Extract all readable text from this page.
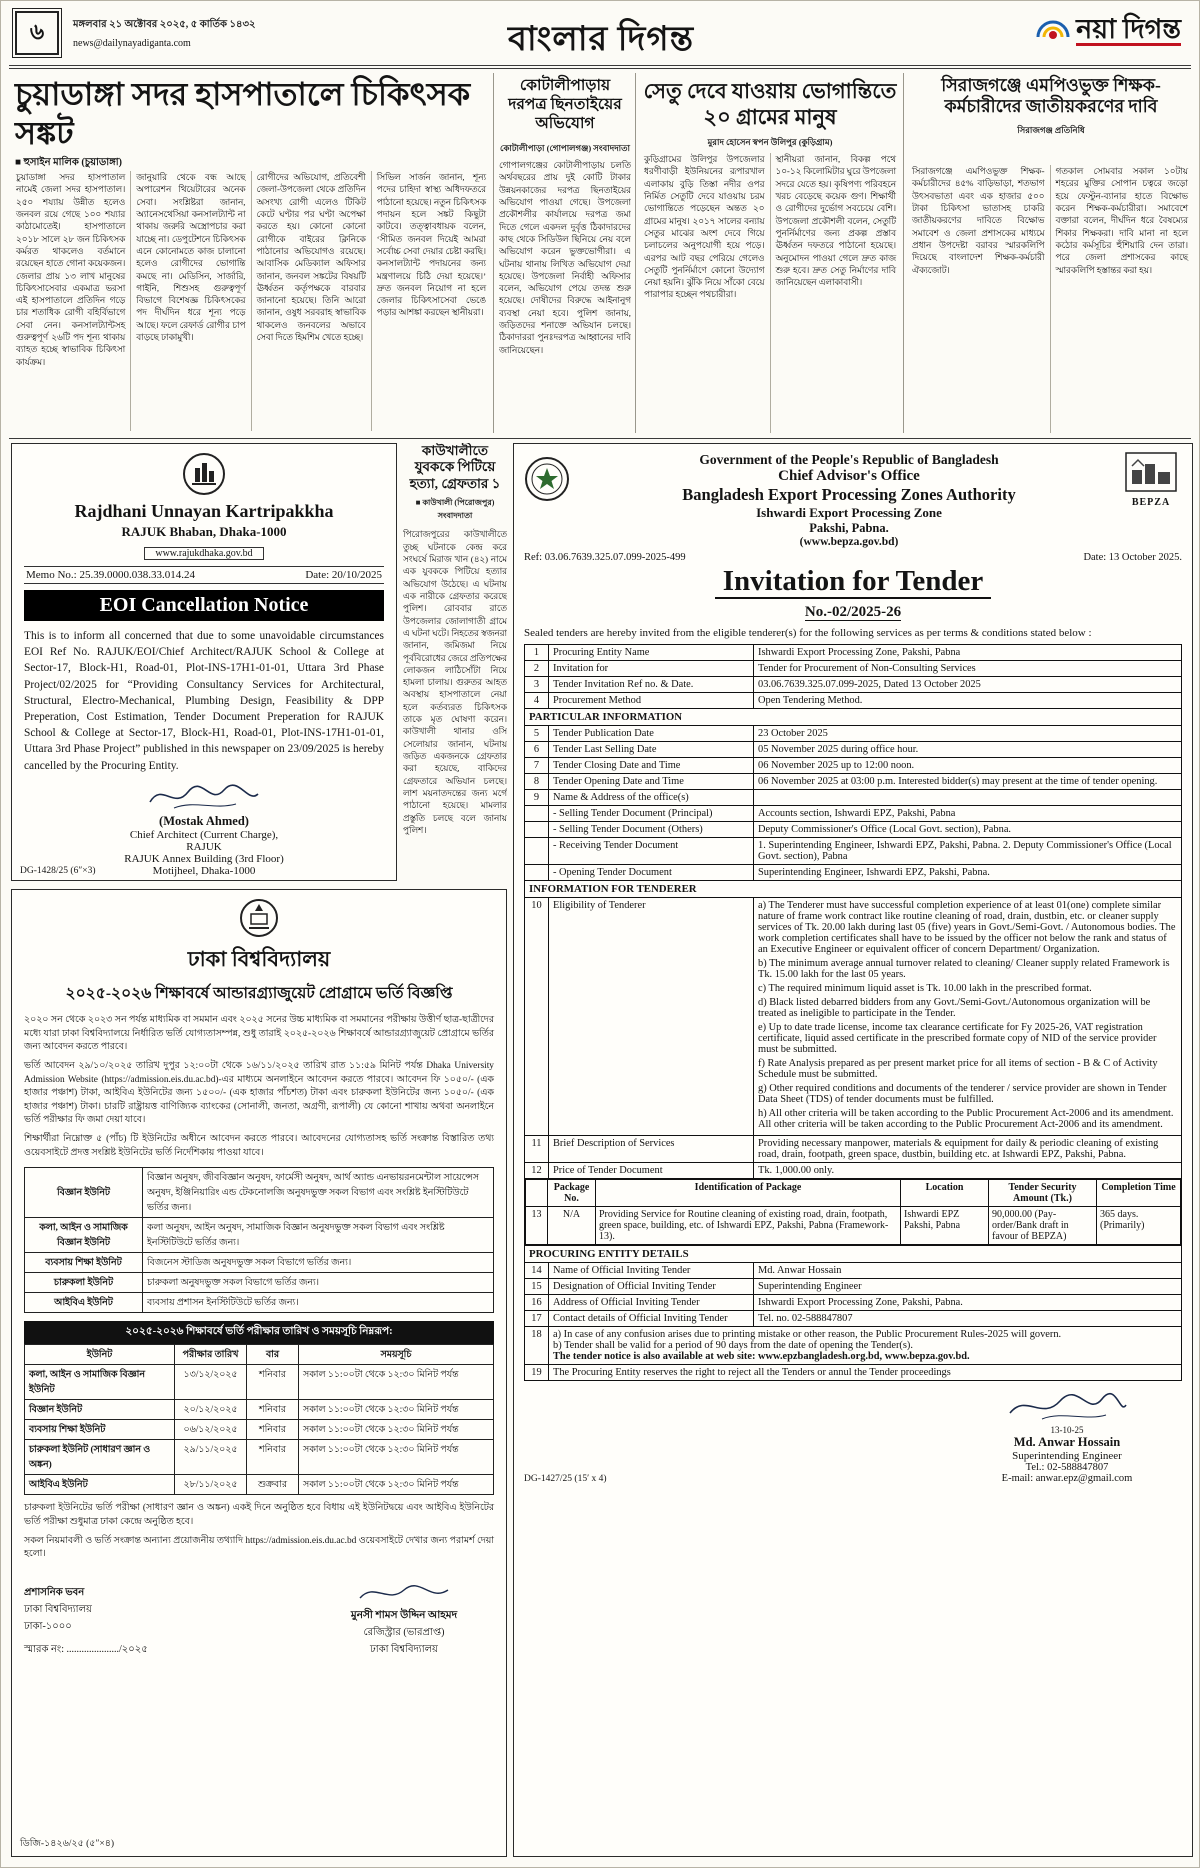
৬	মঙ্গলবার ২১ অক্টোবর ২০২৫, ৫ কার্তিক ১৪৩২
news@dailynayadiganta.com	বাংলার দিগন্ত	নয়া দিগন্ত
চুয়াডাঙ্গা সদর হাসপাতালে চিকিৎসক সঙ্কট
■ হুসাইন মালিক (চুয়াডাঙ্গা)
চুয়াডাঙ্গা সদর হাসপাতাল নামেই জেলা সদর হাসপাতাল। ২৫০ শয্যায় উন্নীত হলেও জনবল রয়ে গেছে ১০০ শয্যার কাঠামোতেই। হাসপাতালে ২০১৮ সালে ২৮ জন চিকিৎসক কর্মরত থাকলেও বর্তমানে রয়েছেন হাতে গোনা কয়েকজন। জেলার প্রায় ১৩ লাখ মানুষের চিকিৎসাসেবার একমাত্র ভরসা এই হাসপাতালে প্রতিদিন গড়ে চার শতাধিক রোগী বহির্বিভাগে সেবা নেন। কনসালট্যান্টসহ গুরুত্বপূর্ণ ২৬টি পদ শূন্য থাকায় ব্যাহত হচ্ছে স্বাভাবিক চিকিৎসা কার্যক্রম।
জানুয়ারি থেকে বন্ধ আছে অপারেশন থিয়েটারের অনেক সেবা। সংশ্লিষ্টরা জানান, অ্যানেসথেসিয়া কনসালট্যান্ট না থাকায় জরুরি অস্ত্রোপচার করা যাচ্ছে না। ডেপুটেশনে চিকিৎসক এনে কোনোমতে কাজ চালানো হলেও রোগীদের ভোগান্তি কমছে না। মেডিসিন, সার্জারি, গাইনি, শিশুসহ গুরুত্বপূর্ণ বিভাগে বিশেষজ্ঞ চিকিৎসকের পদ দীর্ঘদিন ধরে শূন্য পড়ে আছে। ফলে রেফার্ড রোগীর চাপ বাড়ছে ঢাকামুখী।
রোগীদের অভিযোগ, প্রতিবেশী জেলা-উপজেলা থেকে প্রতিদিন অসংখ্য রোগী এলেও টিকিট কেটে ঘণ্টার পর ঘণ্টা অপেক্ষা করতে হয়। কোনো কোনো রোগীকে বাইরের ক্লিনিকে পাঠানোর অভিযোগও রয়েছে। আবাসিক মেডিক্যাল অফিসার জানান, জনবল সঙ্কটের বিষয়টি ঊর্ধ্বতন কর্তৃপক্ষকে বারবার জানানো হয়েছে। তিনি আরো জানান, ওষুধ সরবরাহ স্বাভাবিক থাকলেও জনবলের অভাবে সেবা দিতে হিমশিম খেতে হচ্ছে।
সিভিল সার্জন জানান, শূন্য পদের চাহিদা স্বাস্থ্য অধিদফতরে পাঠানো হয়েছে। নতুন চিকিৎসক পদায়ন হলে সঙ্কট কিছুটা কাটবে। তত্ত্বাবধায়ক বলেন, ‘সীমিত জনবল দিয়েই আমরা সর্বোচ্চ সেবা দেয়ার চেষ্টা করছি। কনসালট্যান্ট পদায়নের জন্য মন্ত্রণালয়ে চিঠি দেয়া হয়েছে।’ দ্রুত জনবল নিয়োগ না হলে জেলার চিকিৎসাসেবা ভেঙে পড়ার আশঙ্কা করছেন স্থানীয়রা।
কোটালীপাড়ায় দরপত্র ছিনতাইয়ের অভিযোগ
কোটালীপাড়া (গোপালগঞ্জ) সংবাদদাতা
গোপালগঞ্জের কোটালীপাড়ায় চলতি অর্থবছরের প্রায় দুই কোটি টাকার উন্নয়নকাজের দরপত্র ছিনতাইয়ের অভিযোগ পাওয়া গেছে। উপজেলা প্রকৌশলীর কার্যালয়ে দরপত্র জমা দিতে গেলে একদল দুর্বৃত্ত ঠিকাদারদের কাছ থেকে সিডিউল ছিনিয়ে নেয় বলে অভিযোগ করেন ভুক্তভোগীরা। এ ঘটনায় থানায় লিখিত অভিযোগ দেয়া হয়েছে। উপজেলা নির্বাহী অফিসার বলেন, অভিযোগ পেয়ে তদন্ত শুরু হয়েছে। দোষীদের বিরুদ্ধে আইনানুগ ব্যবস্থা নেয়া হবে। পুলিশ জানায়, জড়িতদের শনাক্তে অভিযান চলছে। ঠিকাদাররা পুনঃদরপত্র আহ্বানের দাবি জানিয়েছেন।
সেতু দেবে যাওয়ায় ভোগান্তিতে ২০ গ্রামের মানুষ
মুরাদ হোসেন স্বপন উলিপুর (কুড়িগ্রাম)
কুড়িগ্রামের উলিপুর উপজেলার ধরণীবাড়ী ইউনিয়নের রূপারখাল এলাকায় বুড়ি তিস্তা নদীর ওপর নির্মিত সেতুটি দেবে যাওয়ায় চরম ভোগান্তিতে পড়েছেন অন্তত ২০ গ্রামের মানুষ। ২০১৭ সালের বন্যায় সেতুর মাঝের অংশ দেবে গিয়ে চলাচলের অনুপযোগী হয়ে পড়ে। এরপর আট বছর পেরিয়ে গেলেও সেতুটি পুনর্নির্মাণে কোনো উদ্যোগ নেয়া হয়নি। ঝুঁকি নিয়ে সাঁকো বেয়ে পারাপার হচ্ছেন পথচারীরা।
স্থানীয়রা জানান, বিকল্প পথে ১০-১২ কিলোমিটার ঘুরে উপজেলা সদরে যেতে হয়। কৃষিপণ্য পরিবহনে খরচ বেড়েছে কয়েক গুণ। শিক্ষার্থী ও রোগীদের দুর্ভোগ সবচেয়ে বেশি। উপজেলা প্রকৌশলী বলেন, সেতুটি পুনর্নির্মাণের জন্য প্রকল্প প্রস্তাব ঊর্ধ্বতন দফতরে পাঠানো হয়েছে। অনুমোদন পাওয়া গেলে দ্রুত কাজ শুরু হবে। দ্রুত সেতু নির্মাণের দাবি জানিয়েছেন এলাকাবাসী।
সিরাজগঞ্জে এমপিওভুক্ত শিক্ষক-কর্মচারীদের জাতীয়করণের দাবি
সিরাজগঞ্জ প্রতিনিধি
সিরাজগঞ্জে এমপিওভুক্ত শিক্ষক-কর্মচারীদের ৪৫% বাড়িভাড়া, শতভাগ উৎসবভাতা এবং এক হাজার ৫০০ টাকা চিকিৎসা ভাতাসহ চাকরি জাতীয়করণের দাবিতে বিক্ষোভ সমাবেশ ও জেলা প্রশাসকের মাধ্যমে প্রধান উপদেষ্টা বরাবর স্মারকলিপি দিয়েছে বাংলাদেশ শিক্ষক-কর্মচারী ঐক্যজোট।
গতকাল সোমবার সকাল ১০টায় শহরের মুক্তির সোপান চত্বরে জড়ো হয়ে ফেস্টুন-ব্যানার হাতে বিক্ষোভ করেন শিক্ষক-কর্মচারীরা। সমাবেশে বক্তারা বলেন, দীর্ঘদিন ধরে বৈষম্যের শিকার শিক্ষকরা। দাবি মানা না হলে কঠোর কর্মসূচির হুঁশিয়ারি দেন তারা। পরে জেলা প্রশাসকের কাছে স্মারকলিপি হস্তান্তর করা হয়।
Rajdhani Unnayan Kartripakkha
RAJUK Bhaban, Dhaka-1000
www.rajukdhaka.gov.bd
Memo No.: 25.39.0000.038.33.014.24	Date: 20/10/2025
EOI Cancellation Notice
This is to inform all concerned that due to some unavoidable circumstances EOI Ref No. RAJUK/EOI/Chief Architect/RAJUK School & College at Sector-17, Block-H1, Road-01, Plot-INS-17H1-01-01, Uttara 3rd Phase Project/02/2025 for “Providing Consultancy Services for Architectural, Structural, Electro-Mechanical, Plumbing Design, Feasibility & DPP Preperation, Cost Estimation, Tender Document Preperation for RAJUK School & College at Sector-17, Block-H1, Road-01, Plot-INS-17H1-01-01, Uttara 3rd Phase Project” published in this newspaper on 23/09/2025 is hereby cancelled by the Procuring Entity.
(Mostak Ahmed)
Chief Architect (Current Charge),
RAJUK
RAJUK Annex Building (3rd Floor)
Motijheel, Dhaka-1000
DG-1428/25 (6″×3)
কাউখালীতে যুবককে পিটিয়ে হত্যা, গ্রেফতার ১
■ কাউখালী (পিরোজপুর) সংবাদদাতা
পিরোজপুরের কাউখালীতে তুচ্ছ ঘটনাকে কেন্দ্র করে সংঘর্ষে মিরাজ খান (৪২) নামে এক যুবককে পিটিয়ে হত্যার অভিযোগ উঠেছে। এ ঘটনায় এক নারীকে গ্রেফতার করেছে পুলিশ। রোববার রাতে উপজেলার জোলাগাতী গ্রামে এ ঘটনা ঘটে। নিহতের স্বজনরা জানান, জমিজমা নিয়ে পূর্ববিরোধের জেরে প্রতিপক্ষের লোকজন লাঠিসোঁটা নিয়ে হামলা চালায়। গুরুতর আহত অবস্থায় হাসপাতালে নেয়া হলে কর্তব্যরত চিকিৎসক তাকে মৃত ঘোষণা করেন। কাউখালী থানার ওসি সেলোয়ার জানান, ঘটনায় জড়িত একজনকে গ্রেফতার করা হয়েছে, বাকিদের গ্রেফতারে অভিযান চলছে। লাশ ময়নাতদন্তের জন্য মর্গে পাঠানো হয়েছে। মামলার প্রস্তুতি চলছে বলে জানায় পুলিশ।
Government of the People's Republic of Bangladesh
Chief Advisor's Office
Bangladesh Export Processing Zones Authority
Ishwardi Export Processing Zone
Pakshi, Pabna.
(www.bepza.gov.bd)
BEPZA
Ref: 03.06.7639.325.07.099-2025-499	Date: 13 October 2025.
Invitation for Tender
No.-02/2025-26
Sealed tenders are hereby invited from the eligible tenderer(s) for the following services as per terms & conditions stated below :
1	Procuring Entity Name	Ishwardi Export Processing Zone, Pakshi, Pabna
2	Invitation for	Tender for Procurement of Non-Consulting Services
3	Tender Invitation Ref no. & Date.	03.06.7639.325.07.099-2025, Dated 13 October 2025
4	Procurement Method	Open Tendering Method.
PARTICULAR INFORMATION
5	Tender Publication Date	23 October 2025
6	Tender Last Selling Date	05 November 2025 during office hour.
7	Tender Closing Date and Time	06 November 2025 up to 12:00 noon.
8	Tender Opening Date and Time	06 November 2025 at 03:00 p.m. Interested bidder(s) may present at the time of tender opening.
9	Name & Address of the office(s)	
	- Selling Tender Document (Principal)	Accounts section, Ishwardi EPZ, Pakshi, Pabna
	- Selling Tender Document (Others)	Deputy Commissioner's Office (Local Govt. section), Pabna.
	- Receiving Tender Document	1. Superintending Engineer, Ishwardi EPZ, Pakshi, Pabna. 2. Deputy Commissioner's Office (Local Govt. section), Pabna
	- Opening Tender Document	Superintending Engineer, Ishwardi EPZ, Pakshi, Pabna.
INFORMATION FOR TENDERER
10	Eligibility of Tenderer	a) The Tenderer must have successful completion experience of at least 01(one) complete similar nature of frame work contract like routine cleaning of road, drain, dustbin, etc. or cleaner supply services of Tk. 20.00 lakh during last 05 (five) years in Govt./Semi-Govt. / Autonomous bodies. The work completion certificates shall have to be issued by the officer not below the rank and status of an Executive Engineer or equivalent officer of concern Department/ Organization.
b) The minimum average annual turnover related to cleaning/ Cleaner supply related Framework is Tk. 15.00 lakh for the last 05 years.
c) The required minimum liquid asset is Tk. 10.00 lakh in the prescribed format.
d) Black listed debarred bidders from any Govt./Semi-Govt./Autonomous organization will be treated as ineligible to participate in the Tender.
e) Up to date trade license, income tax clearance certificate for Fy 2025-26, VAT registration certificate, liquid assed certificate in the prescribed formate copy of NID of the service provider must be submitted.
f) Rate Analysis prepared as per present market price for all items of section - B & C of Activity Schedule must be submitted.
g) Other required conditions and documents of the tenderer / service provider are shown in Tender Data Sheet (TDS) of tender documents must be fulfilled.
h) All other criteria will be taken according to the Public Procurement Act-2006 and its amendment. All other criteria will be taken according to the Public Procurement Act-2006 and its amendment.

11	Brief Description of Services	Providing necessary manpower, materials & equipment for daily & periodic cleaning of existing road, drain, footpath, green space, dustbin, building etc. at Ishwardi EPZ, Pakshi, Pabna.
12	Price of Tender Document	Tk. 1,000.00 only.

	Package No.	Identification of Package	Location	Tender Security Amount (Tk.)	Completion Time
13	N/A	Providing Service for Routine cleaning of existing road, drain, footpath, green space, building, etc. of Ishwardi EPZ, Pakshi, Pabna (Framework-13).	Ishwardi EPZ Pakshi, Pabna	90,000.00 (Pay-order/Bank draft in favour of BEPZA)	365 days. (Primarily)

PROCURING ENTITY DETAILS
14	Name of Official Inviting Tender	Md. Anwar Hossain
15	Designation of Official Inviting Tender	Superintending Engineer
16	Address of Official Inviting Tender	Ishwardi Export Processing Zone, Pakshi, Pabna.
17	Contact details of Official Inviting Tender	Tel. no. 02-588847807
18	a) In case of any confusion arises due to printing mistake or other reason, the Public Procurement Rules-2025 will govern.
b) Tender shall be valid for a period of 90 days from the date of opening the Tender(s).
The tender notice is also available at web site: www.epzbangladesh.org.bd, www.bepza.gov.bd.

19	The Procuring Entity reserves the right to reject all the Tenders or annul the Tender proceedings
DG-1427/25 (15′ x 4)
13-10-25
Md. Anwar Hossain
Superintending Engineer
Tel.: 02-588847807
E-mail: anwar.epz@gmail.com
ঢাকা বিশ্ববিদ্যালয়
২০২৫-২০২৬ শিক্ষাবর্ষে আন্ডারগ্র্যাজুয়েট প্রোগ্রামে ভর্তি বিজ্ঞপ্তি
২০২০ সন থেকে ২০২৩ সন পর্যন্ত মাধ্যমিক বা সমমান এবং ২০২৫ সনের উচ্চ মাধ্যমিক বা সমমানের পরীক্ষায় উত্তীর্ণ ছাত্র-ছাত্রীদের মধ্যে যারা ঢাকা বিশ্ববিদ্যালয়ে নির্ধারিত ভর্তি যোগ্যতাসম্পন্ন, শুধু তারাই ২০২৫-২০২৬ শিক্ষাবর্ষে আন্ডারগ্র্যাজুয়েট প্রোগ্রামে ভর্তির জন্য আবেদন করতে পারবে।
ভর্তি আবেদন ২৯/১০/২০২৫ তারিখ দুপুর ১২:০০টা থেকে ১৬/১১/২০২৫ তারিখ রাত ১১:৫৯ মিনিট পর্যন্ত Dhaka University Admission Website (https://admission.eis.du.ac.bd)-এর মাধ্যমে অনলাইনে আবেদন করতে পারবে। আবেদন ফি ১০৫০/- (এক হাজার পঞ্চাশ) টাকা, আইবিএ ইউনিটের জন্য ১৫০০/- (এক হাজার পাঁচশত) টাকা এবং চারুকলা ইউনিটের জন্য ১০৫০/- (এক হাজার পঞ্চাশ) টাকা। চারটি রাষ্ট্রায়ত্ত বাণিজ্যিক ব্যাংকের (সোনালী, জনতা, অগ্রণী, রূপালী) যে কোনো শাখায় অথবা অনলাইনে ভর্তি পরীক্ষার ফি জমা দেয়া যাবে।
শিক্ষার্থীরা নিম্নোক্ত ৫ (পাঁচ) টি ইউনিটের অধীনে আবেদন করতে পারবে। আবেদনের যোগ্যতাসহ ভর্তি সংক্রান্ত বিস্তারিত তথ্য ওয়েবসাইটে প্রদত্ত সংশ্লিষ্ট ইউনিটের ভর্তি নির্দেশিকায় পাওয়া যাবে।
বিজ্ঞান ইউনিট	বিজ্ঞান অনুষদ, জীববিজ্ঞান অনুষদ, ফার্মেসী অনুষদ, আর্থ অ্যান্ড এনভায়রনমেন্টাল সায়েন্সেস অনুষদ, ইঞ্জিনিয়ারিং এন্ড টেকনোলজি অনুষদভুক্ত সকল বিভাগ এবং সংশ্লিষ্ট ইনস্টিটিউটে ভর্তির জন্য।
কলা, আইন ও সামাজিক বিজ্ঞান ইউনিট	কলা অনুষদ, আইন অনুষদ, সামাজিক বিজ্ঞান অনুষদভুক্ত সকল বিভাগ এবং সংশ্লিষ্ট ইনস্টিটিউটে ভর্তির জন্য।
ব্যবসায় শিক্ষা ইউনিট	বিজনেস স্টাডিজ অনুষদভুক্ত সকল বিভাগে ভর্তির জন্য।
চারুকলা ইউনিট	চারুকলা অনুষদভুক্ত সকল বিভাগে ভর্তির জন্য।
আইবিএ ইউনিট	ব্যবসায় প্রশাসন ইনস্টিটিউটে ভর্তির জন্য।
২০২৫-২০২৬ শিক্ষাবর্ষে ভর্তি পরীক্ষার তারিখ ও সময়সূচি নিম্নরূপ:
ইউনিট	পরীক্ষার তারিখ	বার	সময়সূচি
কলা, আইন ও সামাজিক বিজ্ঞান ইউনিট	১৩/১২/২০২৫	শনিবার	সকাল ১১:০০টা থেকে ১২:৩০ মিনিট পর্যন্ত
বিজ্ঞান ইউনিট	২০/১২/২০২৫	শনিবার	সকাল ১১:০০টা থেকে ১২:৩০ মিনিট পর্যন্ত
ব্যবসায় শিক্ষা ইউনিট	০৬/১২/২০২৫	শনিবার	সকাল ১১:০০টা থেকে ১২:৩০ মিনিট পর্যন্ত
চারুকলা ইউনিট (সাধারণ জ্ঞান ও অঙ্কন)	২৯/১১/২০২৫	শনিবার	সকাল ১১:০০টা থেকে ১২:৩০ মিনিট পর্যন্ত
আইবিএ ইউনিট	২৮/১১/২০২৫	শুক্রবার	সকাল ১১:০০টা থেকে ১২:৩০ মিনিট পর্যন্ত
চারুকলা ইউনিটের ভর্তি পরীক্ষা (সাধারণ জ্ঞান ও অঙ্কন) একই দিনে অনুষ্ঠিত হবে বিধায় এই ইউনিটদ্বয়ে এবং আইবিএ ইউনিটের ভর্তি পরীক্ষা শুধুমাত্র ঢাকা কেন্দ্রে অনুষ্ঠিত হবে।
সকল নিয়মাবলী ও ভর্তি সংক্রান্ত অন্যান্য প্রয়োজনীয় তথ্যাদি https://admission.eis.du.ac.bd ওয়েবসাইটে দেখার জন্য পরামর্শ দেয়া হলো।
প্রশাসনিক ভবন
ঢাকা বিশ্ববিদ্যালয়
ঢাকা-১০০০
স্মারক নং: ...................../২০২৫
মুনসী শামস উদ্দিন আহমদ
রেজিস্ট্রার (ভারপ্রাপ্ত)
ঢাকা বিশ্ববিদ্যালয়
ডিজি-১৪২৬/২৫ (৫″×৪)
